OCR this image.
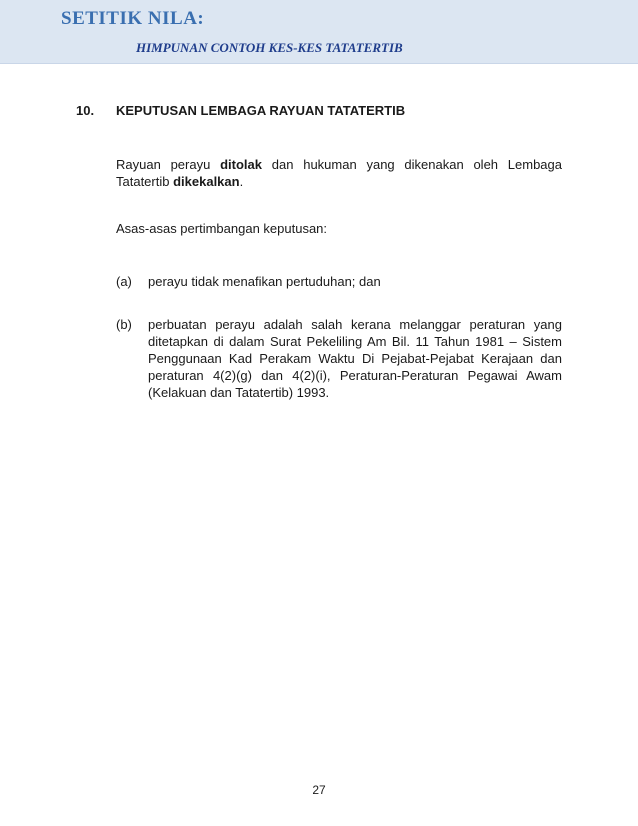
SETITIK NILA:
HIMPUNAN CONTOH KES-KES TATATERTIB
10. KEPUTUSAN LEMBAGA RAYUAN TATATERTIB
Rayuan perayu ditolak dan hukuman yang dikenakan oleh Lembaga Tatatertib dikekalkan.
Asas-asas pertimbangan keputusan:
(a) perayu tidak menafikan pertuduhan; dan
(b) perbuatan perayu adalah salah kerana melanggar peraturan yang ditetapkan di dalam Surat Pekeliling Am Bil. 11 Tahun 1981 – Sistem Penggunaan Kad Perakam Waktu Di Pejabat-Pejabat Kerajaan dan peraturan 4(2)(g) dan 4(2)(i), Peraturan-Peraturan Pegawai Awam (Kelakuan dan Tatatertib) 1993.
27
